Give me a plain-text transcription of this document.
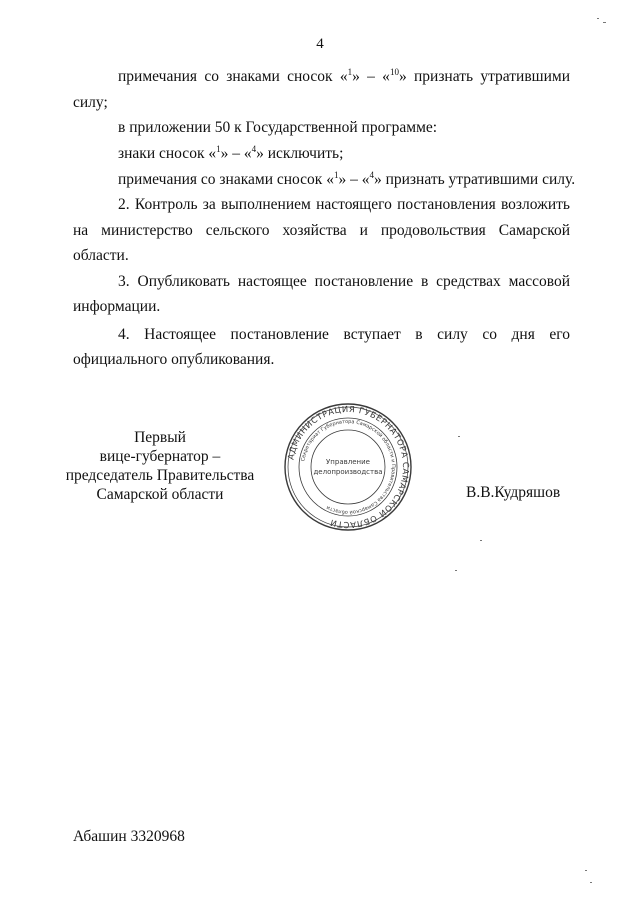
4
примечания со знаками сносок «$^1$» – «$^{10}$» признать утратившими
силу;
в приложении 50 к Государственной программе:
знаки сносок «$^1$» – «$^4$» исключить;
примечания со знаками сносок «$^1$» – «$^4$» признать утратившими силу.
2. Контроль за выполнением настоящего постановления возложить
на министерство сельского хозяйства и продовольствия Самарской
области.
3. Опубликовать настоящее постановление в средствах массовой
информации.
4. Настоящее постановление вступает в силу со дня его
официального опубликования.
Первый
вице-губернатор –
председатель Правительства
Самарской области
АДМИНИСТРАЦИЯ ГУБЕРНАТОРА САМАРСКОЙ ОБЛАСТИ
Секретариат Губернатора Самарской области и Правительства Самарской области
Управление
делопроизводства
В.В.Кудряшов
Абашин 3320968
